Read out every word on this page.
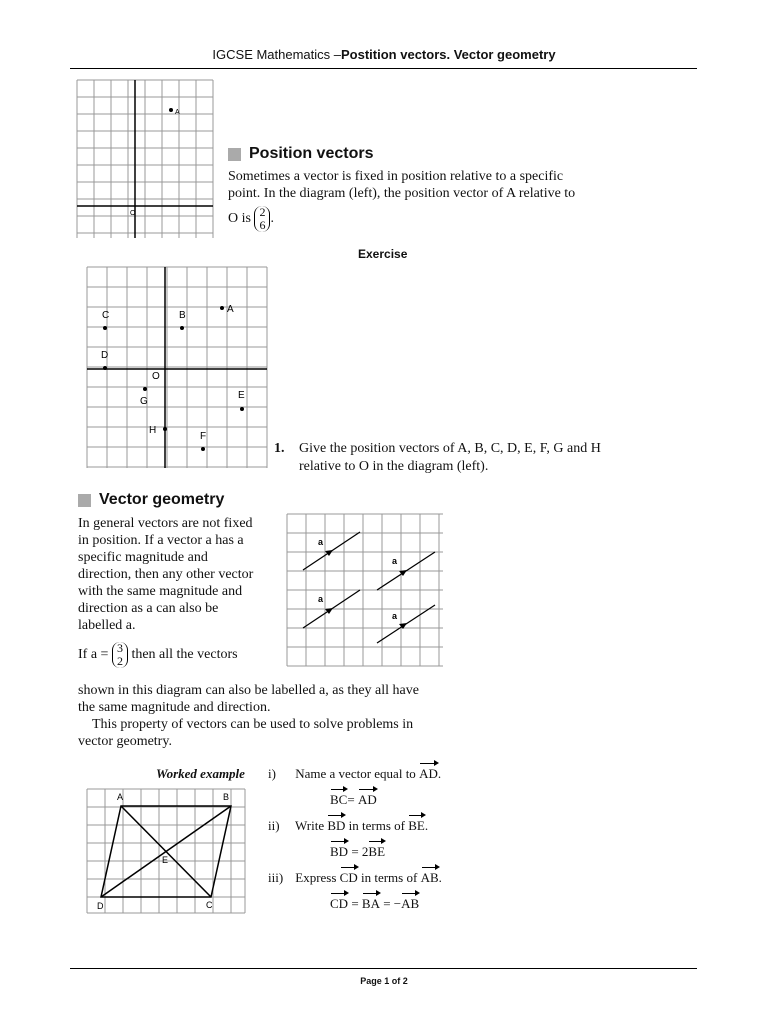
IGCSE Mathematics –Postition vectors. Vector geometry
A
O
Position vectors
Sometimes a vector is fixed in position relative to a specific
point. In the diagram (left), the position vector of A relative to
O is 2
6 .
Exercise
A
B
C
D
O
E
G
H
F
1. Give the position vectors of A, B, C, D, E, F, G and H
relative to O in the diagram (left).
Vector geometry
In general vectors are not fixed
in position. If a vector a has a
specific magnitude and
direction, then any other vector
with the same magnitude and
direction as a can also be
labelled a.
If a = 3
2 then all the vectors
a
a
a
a
shown in this diagram can also be labelled a, as they all have
the same magnitude and direction.
This property of vectors can be used to solve problems in
vector geometry.
Worked example
A	B
C
D
E
i) Name a vector equal to AD.
BC= AD
ii) Write BD in terms of BE.
BD = 2BE
iii) Express CD in terms of AB.
CD = BA = −AB
Page 1 of 2
